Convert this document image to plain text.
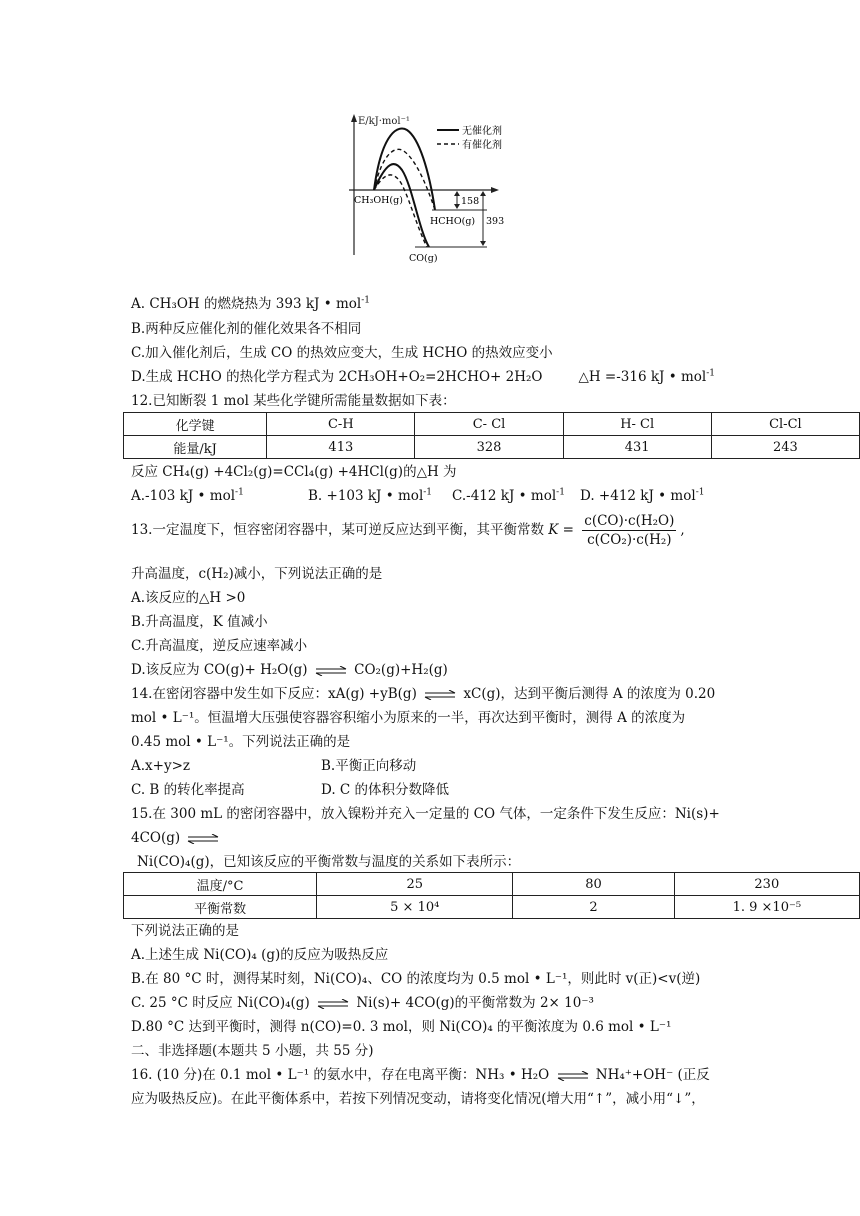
E/kJ·mol⁻¹
无催化剂
有催化剂
CH₃OH(g)
HCHO(g)
CO(g)
158
393
A. CH₃OH 的燃烧热为 393 kJ • mol$^{-1}$
B.两种反应催化剂的催化效果各不相同
C.加入催化剂后，生成 CO 的热效应变大，生成 HCHO 的热效应变小
D.生成 HCHO 的热化学方程式为 2CH₃OH+O₂=2HCHO+ 2H₂O	△H =-316 kJ • mol$^{-1}$
12.已知断裂 1 mol 某些化学键所需能量数据如下表：
化学键	C-H	C- Cl	H- Cl	Cl-Cl
能量/kJ	413	328	431	243
反应 CH₄(g) +4Cl₂(g)=CCl₄(g) +4HCl(g)的△H 为
A.-103 kJ • mol$^{-1}$	B. +103 kJ • mol$^{-1}$ C.-412 kJ • mol$^{-1}$ D. +412 kJ • mol$^{-1}$
13.一定温度下，恒容密闭容器中，某可逆反应达到平衡，其平衡常数 $K = \frac{\text{c(CO)·c(H₂O)}}{\text{c(CO₂)·c(H₂)}}$ ,
升高温度，c(H₂)减小，下列说法正确的是
A.该反应的△H >0
B.升高温度，K 值减小
C.升高温度，逆反应速率减小
D.该反应为 CO(g)+ H₂O(g) ⇌ CO₂(g)+H₂(g)
14.在密闭容器中发生如下反应：xA(g) +yB(g) ⇌ xC(g)，达到平衡后测得 A 的浓度为 0.20
mol • L⁻¹。恒温增大压强使容器容积缩小为原来的一半，再次达到平衡时，测得 A 的浓度为
0.45 mol • L⁻¹。下列说法正确的是
A.x+y>z	B.平衡正向移动
C. B 的转化率提高	D. C 的体积分数降低
15.在 300 mL 的密闭容器中，放入镍粉并充入一定量的 CO 气体，一定条件下发生反应：Ni(s)+
4CO(g) ⇌
Ni(CO)₄(g)，已知该反应的平衡常数与温度的关系如下表所示：
温度/°C	25	80	230
平衡常数	5 × 10⁴	2	1. 9 ×10⁻⁵
下列说法正确的是
A.上述生成 Ni(CO)₄ (g)的反应为吸热反应
B.在 80 °C 时，测得某时刻，Ni(CO)₄、CO 的浓度均为 0.5 mol • L⁻¹，则此时 v(正)<v(逆)
C. 25 °C 时反应 Ni(CO)₄(g) ⇌ Ni(s)+ 4CO(g)的平衡常数为 2× 10⁻³
D.80 °C 达到平衡时，测得 n(CO)=0. 3 mol，则 Ni(CO)₄ 的平衡浓度为 0.6 mol • L⁻¹
二、非选择题(本题共 5 小题，共 55 分)
16. (10 分)在 0.1 mol • L⁻¹ 的氨水中，存在电离平衡：NH₃ • H₂O ⇌ NH₄⁺+OH⁻ (正反
应为吸热反应)。在此平衡体系中，若按下列情况变动，请将变化情况(增大用“↑”，减小用“↓”，
